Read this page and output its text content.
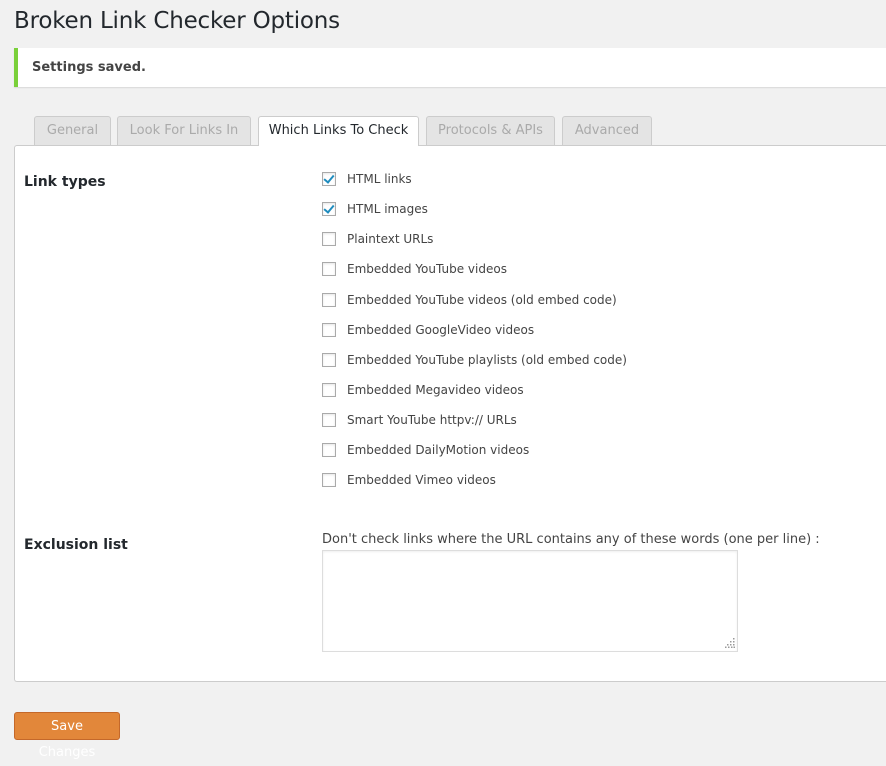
Broken Link Checker Options
Settings saved.
General	Look For Links In	Which Links To Check	Protocols & APIs	Advanced
Link types	HTML links
HTML images
Plaintext URLs
Embedded YouTube videos
Embedded YouTube videos (old embed code)
Embedded GoogleVideo videos
Embedded YouTube playlists (old embed code)
Embedded Megavideo videos
Smart YouTube httpv:// URLs
Embedded DailyMotion videos
Embedded Vimeo videos
Exclusion list	Don't check links where the URL contains any of these words (one per line) :
Save Changes
